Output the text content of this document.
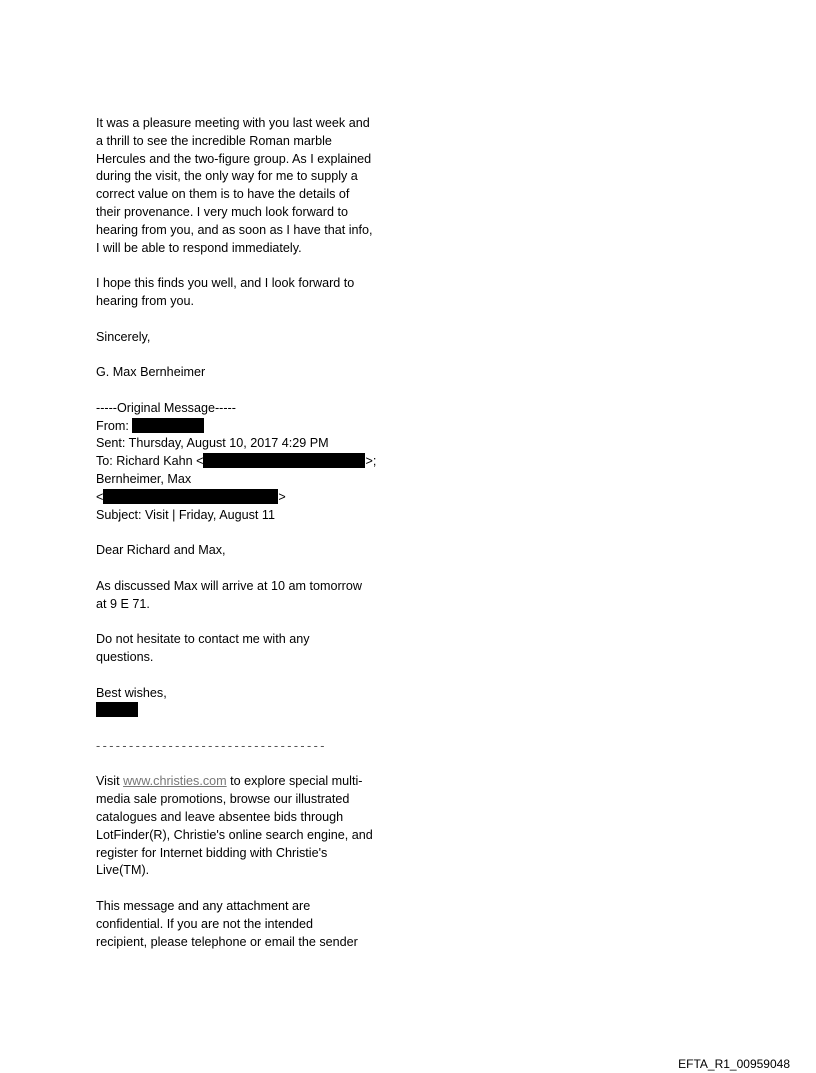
It was a pleasure meeting with you last week and
a thrill to see the incredible Roman marble
Hercules and the two-figure group. As I explained
during the visit, the only way for me to supply a
correct value on them is to have the details of
their provenance. I very much look forward to
hearing from you, and as soon as I have that info,
I will be able to respond immediately.

I hope this finds you well, and I look forward to
hearing from you.

Sincerely,

G. Max Bernheimer

-----Original Message-----
From:
Sent: Thursday, August 10, 2017 4:29 PM
To: Richard Kahn <	>;
Bernheimer, Max
<	>
Subject: Visit | Friday, August 11

Dear Richard and Max,

As discussed Max will arrive at 10 am tomorrow
at 9 E 71.

Do not hesitate to contact me with any
questions.

Best wishes,

-----------------------------------

Visit www.christies.com to explore special multi-
media sale promotions, browse our illustrated
catalogues and leave absentee bids through
LotFinder(R), Christie's online search engine, and
register for Internet bidding with Christie's
Live(TM).

This message and any attachment are
confidential. If you are not the intended
recipient, please telephone or email the sender

EFTA_R1_00959048
